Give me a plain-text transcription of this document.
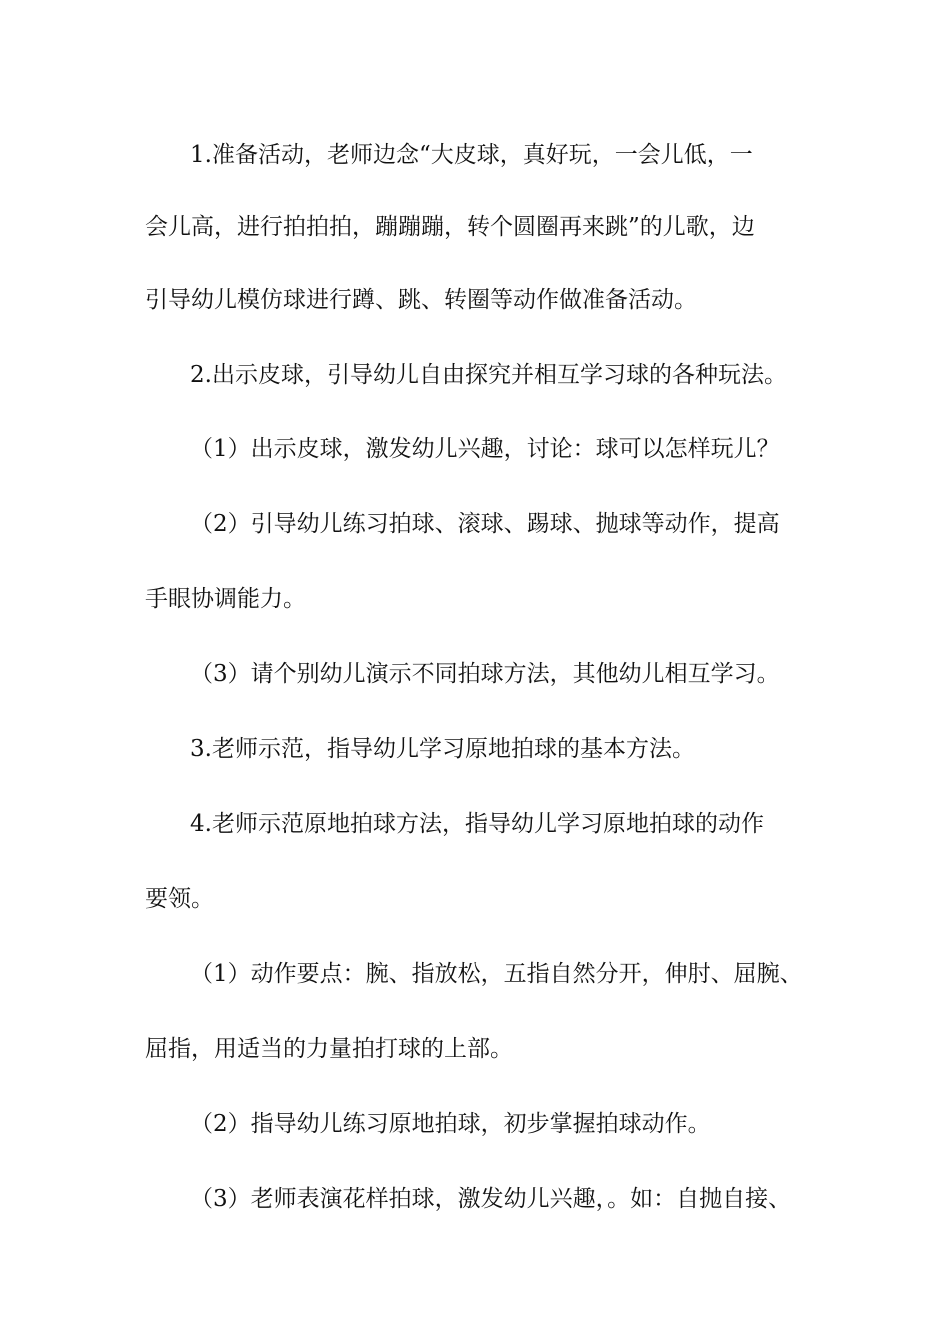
1.准备活动，老师边念“大皮球，真好玩，一会儿低，一
会儿高，进行拍拍拍，蹦蹦蹦，转个圆圈再来跳”的儿歌，边
引导幼儿模仿球进行蹲、跳、转圈等动作做准备活动。
2.出示皮球，引导幼儿自由探究并相互学习球的各种玩法。
（1）出示皮球，激发幼儿兴趣，讨论：球可以怎样玩儿？
（2）引导幼儿练习拍球、滚球、踢球、抛球等动作，提高
手眼协调能力。
（3）请个别幼儿演示不同拍球方法，其他幼儿相互学习。
3.老师示范，指导幼儿学习原地拍球的基本方法。
4.老师示范原地拍球方法，指导幼儿学习原地拍球的动作
要领。
（1）动作要点：腕、指放松，五指自然分开，伸肘、屈腕、
屈指，用适当的力量拍打球的上部。
（2）指导幼儿练习原地拍球，初步掌握拍球动作。
（3）老师表演花样拍球，激发幼儿兴趣，。如：自抛自接、
